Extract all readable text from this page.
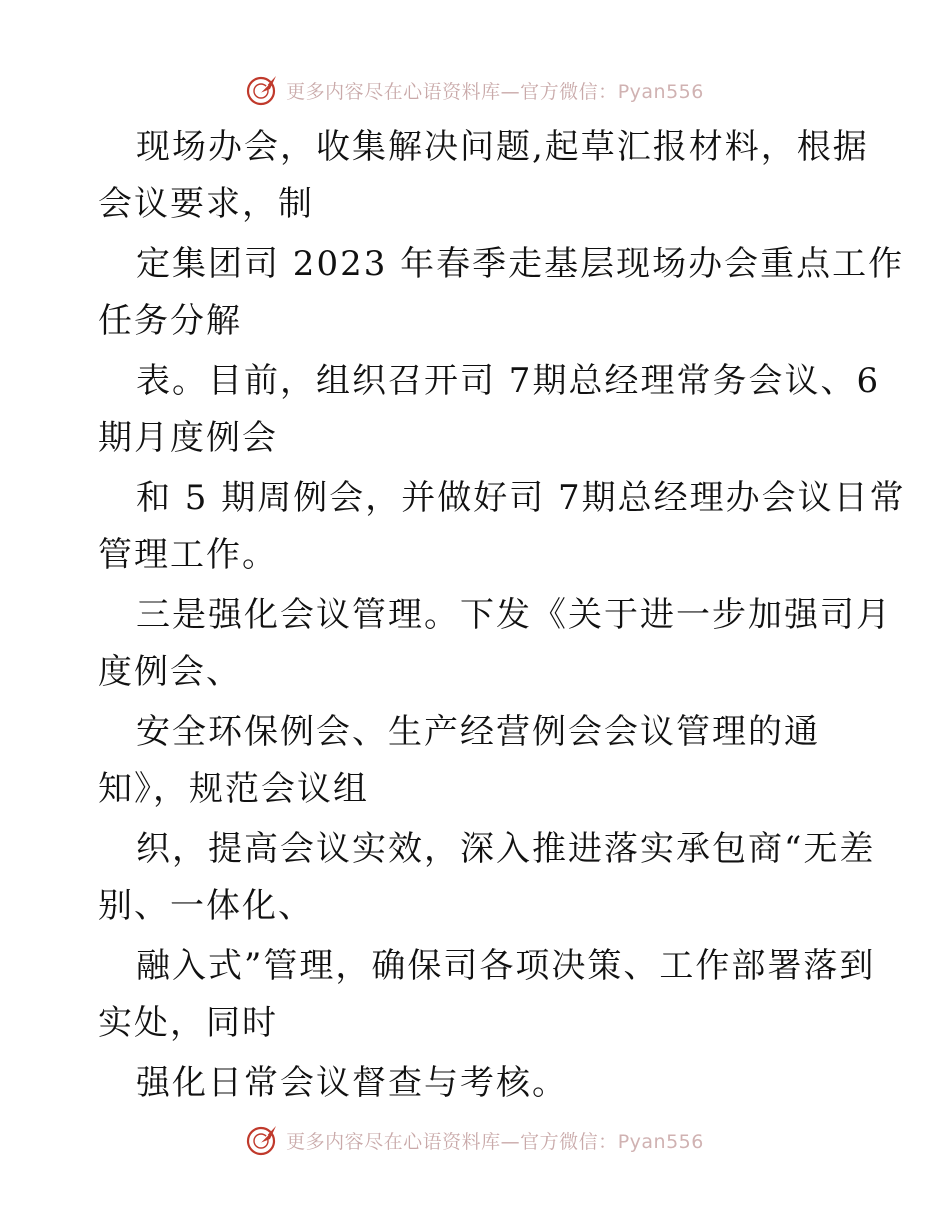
更多内容尽在心语资料库—官方微信：Pyan556
现场办会，收集解决问题,起草汇报材料，根据
会议要求，制
定集团司 2023 年春季走基层现场办会重点工作
任务分解
表。目前，组织召开司 7期总经理常务会议、6
期月度例会
和 5 期周例会，并做好司 7期总经理办会议日常
管理工作。
三是强化会议管理。下发《关于进一步加强司月
度例会、
安全环保例会、生产经营例会会议管理的通
知》，规范会议组
织，提高会议实效，深入推进落实承包商“无差
别、一体化、
融入式”管理，确保司各项决策、工作部署落到
实处，同时
强化日常会议督查与考核。
更多内容尽在心语资料库—官方微信：Pyan556
